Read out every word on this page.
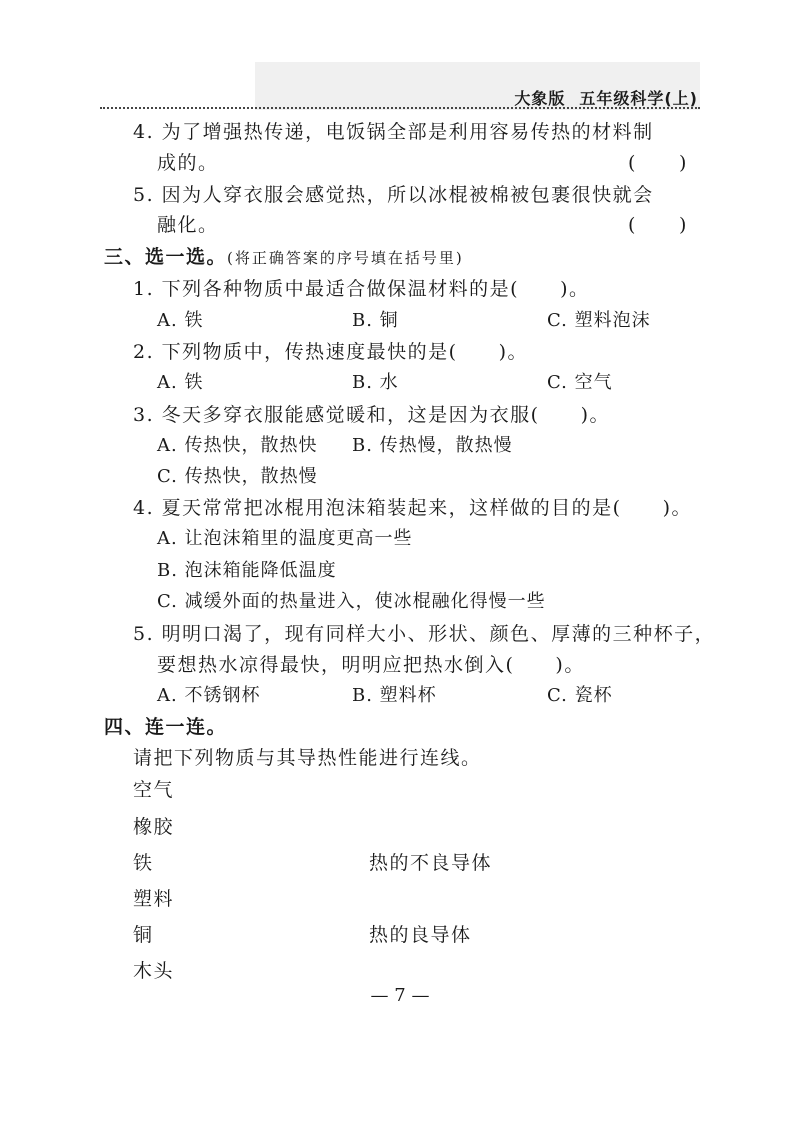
大象版 五年级科学(上)
4. 为了增强热传递，电饭锅全部是利用容易传热的材料制
成的。	( )
5. 因为人穿衣服会感觉热，所以冰棍被棉被包裹很快就会
融化。	( )
三、选一选。(将正确答案的序号填在括号里)
1. 下列各种物质中最适合做保温材料的是(　　)。
A. 铁	B. 铜	C. 塑料泡沫
2. 下列物质中，传热速度最快的是(　　)。
A. 铁	B. 水	C. 空气
3. 冬天多穿衣服能感觉暖和，这是因为衣服(　　)。
A. 传热快，散热快 B. 传热慢，散热慢
C. 传热快，散热慢
4. 夏天常常把冰棍用泡沫箱装起来，这样做的目的是(　　)。
A. 让泡沫箱里的温度更高一些
B. 泡沫箱能降低温度
C. 减缓外面的热量进入，使冰棍融化得慢一些
5. 明明口渴了，现有同样大小、形状、颜色、厚薄的三种杯子，
要想热水凉得最快，明明应把热水倒入(　　)。
A. 不锈钢杯	B. 塑料杯	C. 瓷杯
四、连一连。
请把下列物质与其导热性能进行连线。
空气
橡胶
铁
塑料
铜
木头
热的不良导体
热的良导体
— 7 —
